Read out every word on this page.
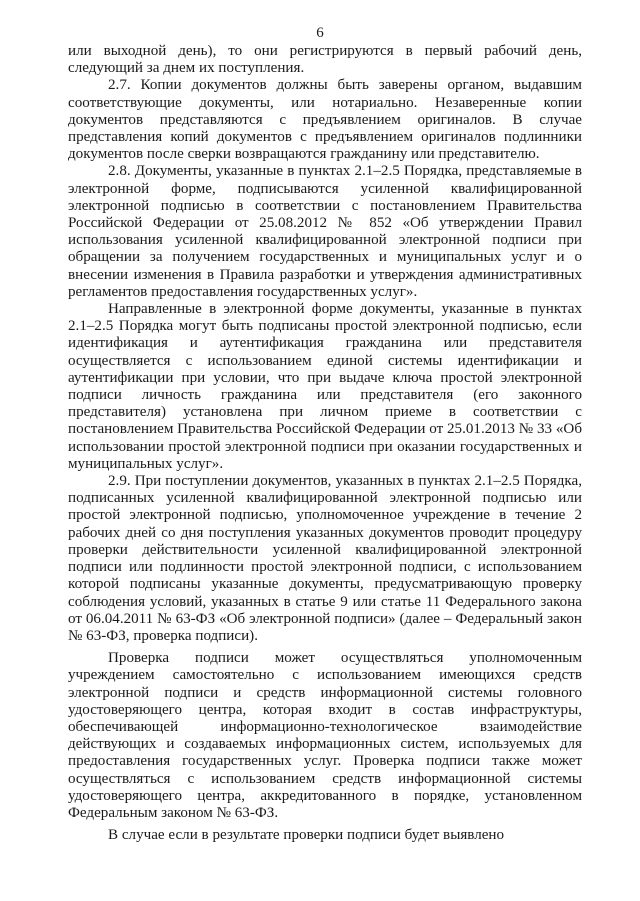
6

или выходной день), то они регистрируются в первый рабочий день, следующий за днем их поступления.

2.7. Копии документов должны быть заверены органом, выдавшим соответствующие документы, или нотариально. Незаверенные копии документов представляются с предъявлением оригиналов. В случае представления копий документов с предъявлением оригиналов подлинники документов после сверки возвращаются гражданину или представителю.

2.8. Документы, указанные в пунктах 2.1–2.5 Порядка, представляемые в электронной форме, подписываются усиленной квалифицированной электронной подписью в соответствии с постановлением Правительства Российской Федерации от 25.08.2012 № 852 «Об утверждении Правил использования усиленной квалифицированной электронной подписи при обращении за получением государственных и муниципальных услуг и о внесении изменения в Правила разработки и утверждения административных регламентов предоставления государственных услуг».

Направленные в электронной форме документы, указанные в пунктах 2.1–2.5 Порядка могут быть подписаны простой электронной подписью, если идентификация и аутентификация гражданина или представителя осуществляется с использованием единой системы идентификации и аутентификации при условии, что при выдаче ключа простой электронной подписи личность гражданина или представителя (его законного представителя) установлена при личном приеме в соответствии с постановлением Правительства Российской Федерации от 25.01.2013 № 33 «Об использовании простой электронной подписи при оказании государственных и муниципальных услуг».

2.9. При поступлении документов, указанных в пунктах 2.1–2.5 Порядка, подписанных усиленной квалифицированной электронной подписью или простой электронной подписью, уполномоченное учреждение в течение 2 рабочих дней со дня поступления указанных документов проводит процедуру проверки действительности усиленной квалифицированной электронной подписи или подлинности простой электронной подписи, с использованием которой подписаны указанные документы, предусматривающую проверку соблюдения условий, указанных в статье 9 или статье 11 Федерального закона от 06.04.2011 № 63-ФЗ «Об электронной подписи» (далее – Федеральный закон № 63-ФЗ, проверка подписи).

Проверка подписи может осуществляться уполномоченным учреждением самостоятельно с использованием имеющихся средств электронной подписи и средств информационной системы головного удостоверяющего центра, которая входит в состав инфраструктуры, обеспечивающей информационно-технологическое взаимодействие действующих и создаваемых информационных систем, используемых для предоставления государственных услуг. Проверка подписи также может осуществляться с использованием средств информационной системы удостоверяющего центра, аккредитованного в порядке, установленном Федеральным законом № 63-ФЗ.

В случае если в результате проверки подписи будет выявлено
